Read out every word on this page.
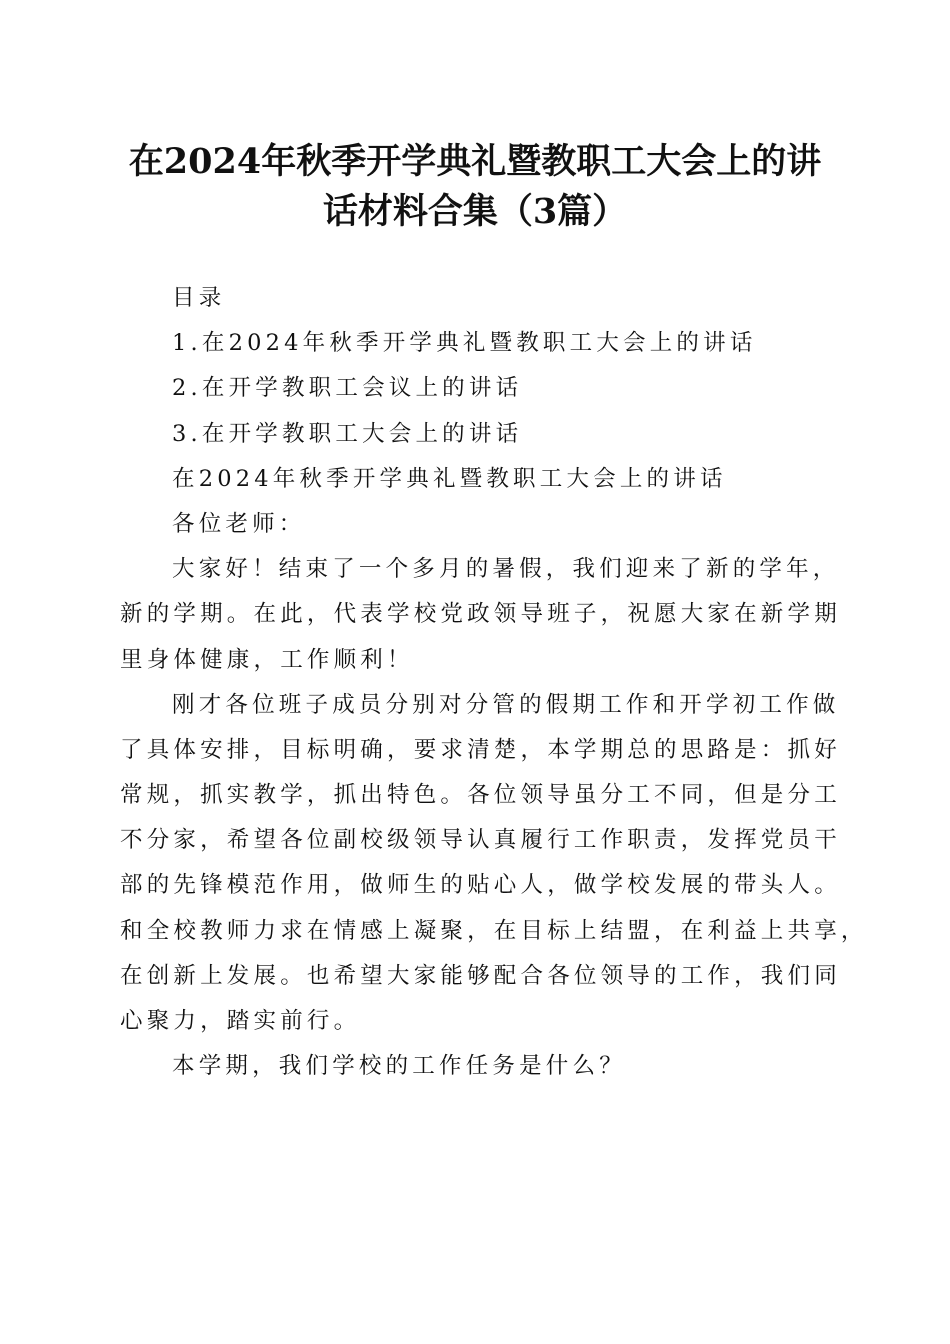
在2024年秋季开学典礼暨教职工大会上的讲
话材料合集（3篇）

目录

1.在2024年秋季开学典礼暨教职工大会上的讲话

2.在开学教职工会议上的讲话

3.在开学教职工大会上的讲话

在2024年秋季开学典礼暨教职工大会上的讲话

各位老师：

大家好！结束了一个多月的暑假，我们迎来了新的学年，

新的学期。在此，代表学校党政领导班子，祝愿大家在新学期

里身体健康，工作顺利！

刚才各位班子成员分别对分管的假期工作和开学初工作做

了具体安排，目标明确，要求清楚，本学期总的思路是：抓好

常规，抓实教学，抓出特色。各位领导虽分工不同，但是分工

不分家，希望各位副校级领导认真履行工作职责，发挥党员干

部的先锋模范作用，做师生的贴心人，做学校发展的带头人。

和全校教师力求在情感上凝聚，在目标上结盟，在利益上共享，

在创新上发展。也希望大家能够配合各位领导的工作，我们同

心聚力，踏实前行。

本学期，我们学校的工作任务是什么？
